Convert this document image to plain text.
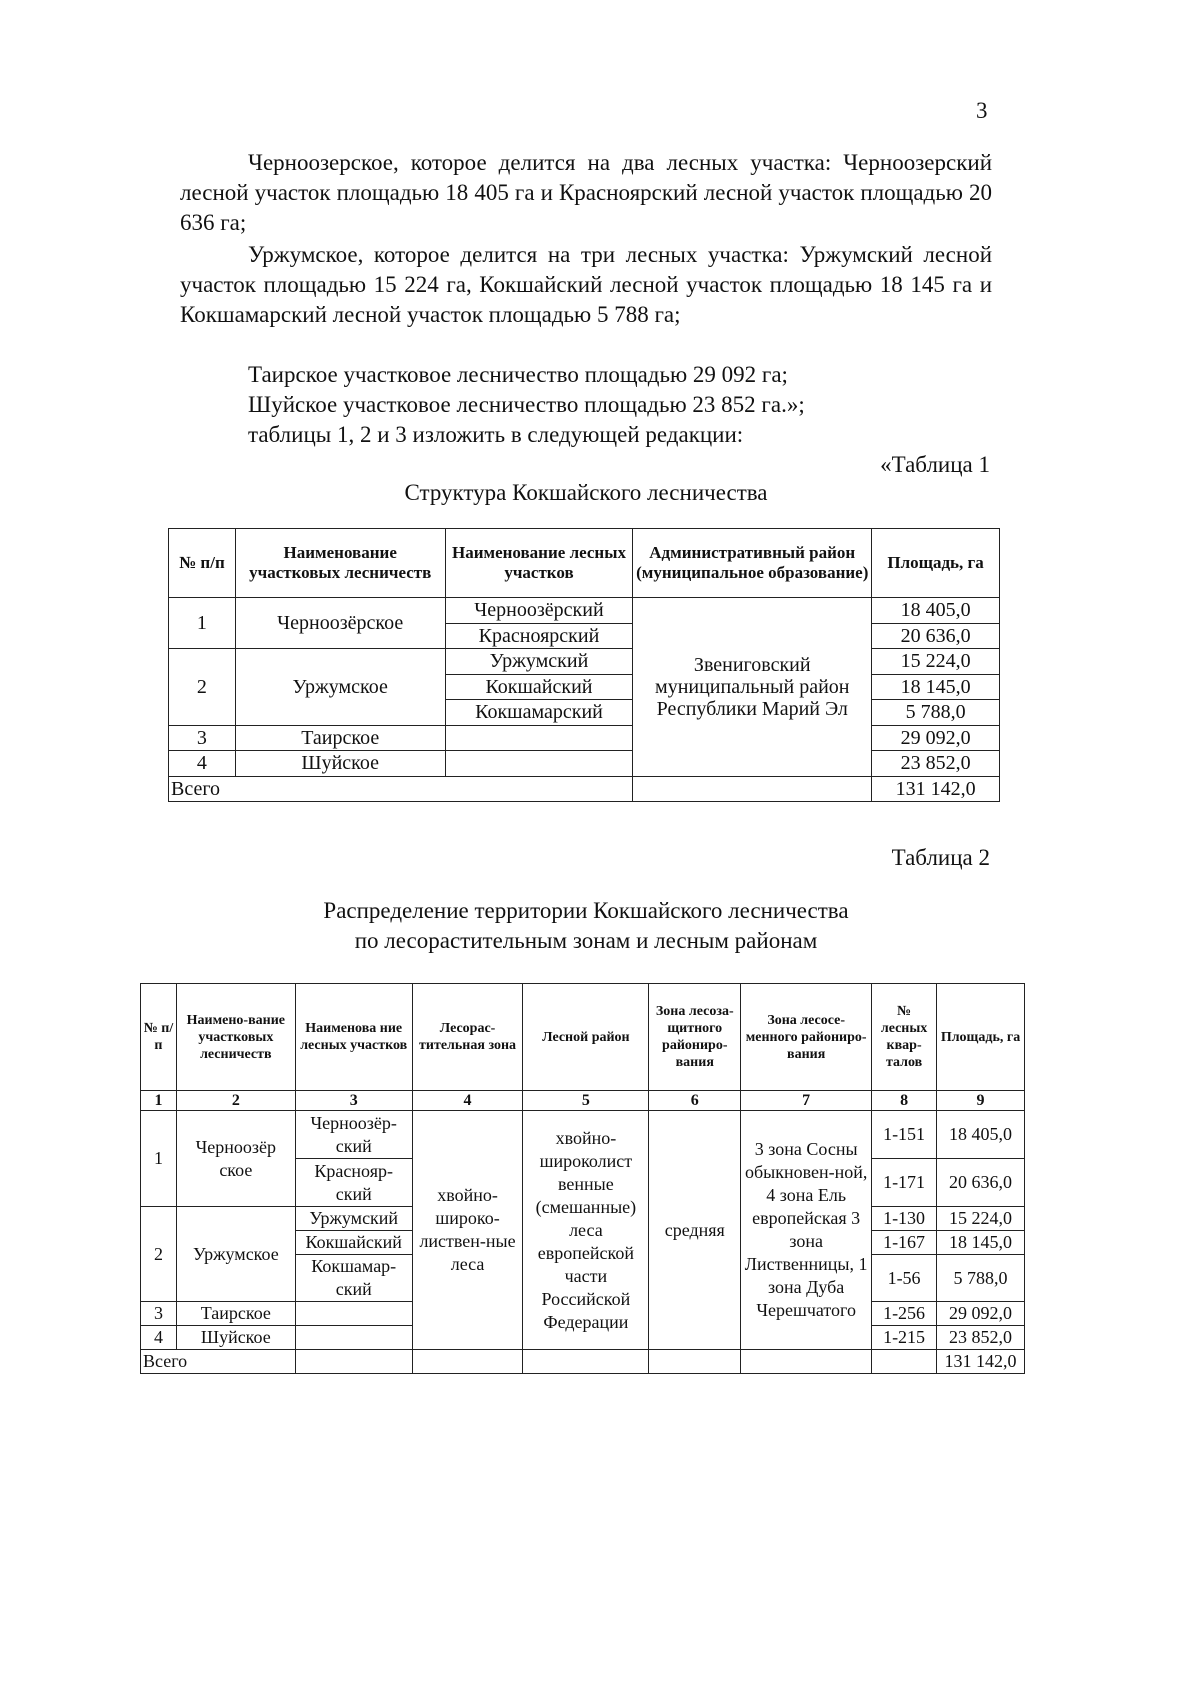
3
Черноозерское, которое делится на два лесных участка: Черноозерский лесной участок площадью 18 405 га и Красноярский лесной участок площадью 20 636 га;
Уржумское, которое делится на три лесных участка: Уржумский лесной участок площадью 15 224 га, Кокшайский лесной участок площадью 18 145 га и Кокшамарский лесной участок площадью 5 788 га;
Таирское участковое лесничество площадью 29 092 га;
Шуйское участковое лесничество площадью 23 852 га.»;
таблицы 1, 2 и 3 изложить в следующей редакции:
«Таблица 1
Структура Кокшайского лесничества
№ п/п	Наименование участковых лесничеств	Наименование лесных участков	Административный район (муниципальное образование)	Площадь, га
1	Черноозёрское	Черноозёрский	Звениговский муниципальный район Республики Марий Эл	18 405,0
		Красноярский		20 636,0
2	Уржумское	Уржумский		15 224,0
		Кокшайский		18 145,0
		Кокшамарский		5 788,0
3	Таирское			29 092,0
4	Шуйское			23 852,0
Всего				131 142,0
Таблица 2
Распределение территории Кокшайского лесничества
по лесорастительным зонам и лесным районам
№ п/п	Наимено-вание участковых лесничеств	Наименова ние лесных участков	Лесорас-тительная зона	Лесной район	Зона лесоза-щитного райониро-вания	Зона лесосе-менного райониро-вания	№ лесных квар-талов	Площадь, га
1	2	3	4	5	6	7	8	9
1	Черноозёр ское	Черноозёр-ский	хвойно-широко-листвен-ные леса	хвойно-широколист венные (смешанные) леса европейской части Российской Федерации	средняя	3 зона Сосны обыкновен-ной, 4 зона Ель европейская 3 зона Лиственницы, 1 зона Дуба Черешчатого	1-151	18 405,0
		Краснояр-ский					1-171	20 636,0
2	Уржумское	Уржумский					1-130	15 224,0
		Кокшайский					1-167	18 145,0
		Кокшамар-ский					1-56	5 788,0
3	Таирское						1-256	29 092,0
4	Шуйское						1-215	23 852,0
Всего								131 142,0
